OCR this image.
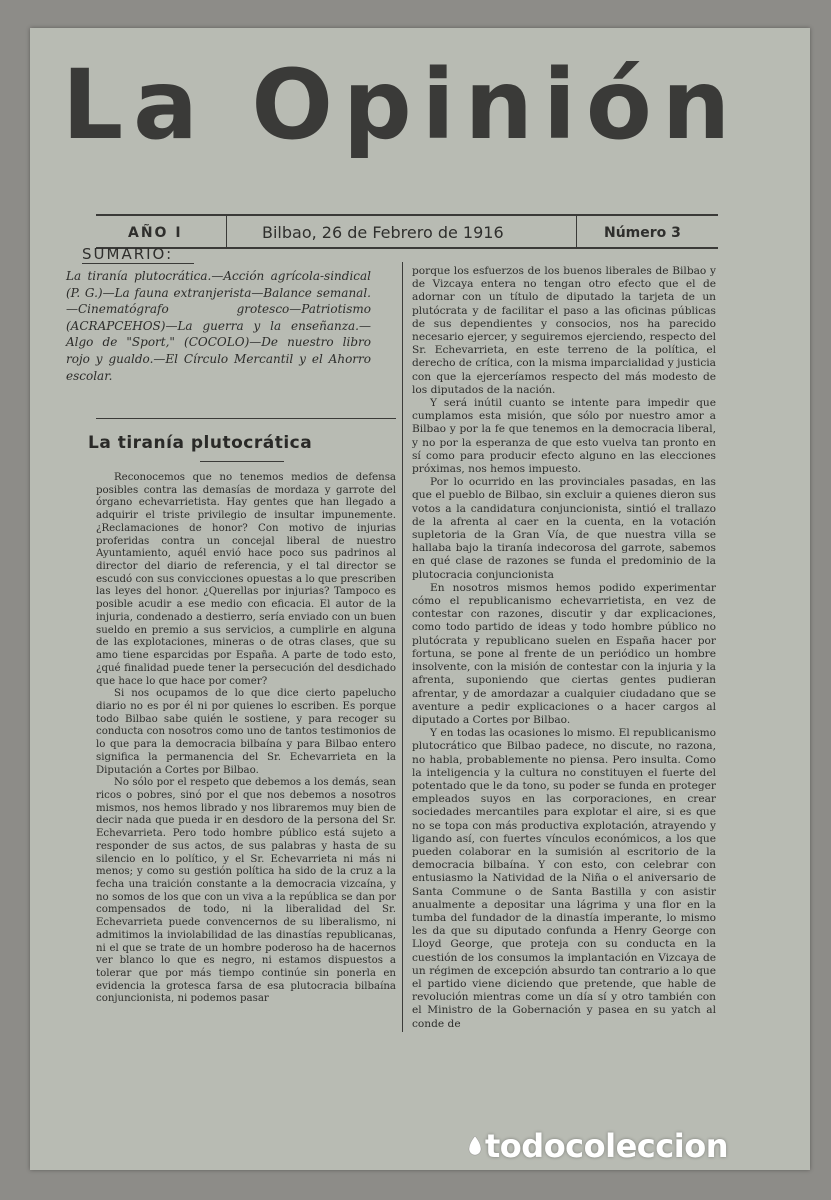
La Opinión
AÑO I	Bilbao, 26 de Febrero de 1916	Número 3
SUMARIO:
La tiranía plutocrática.—Acción agrícola-sindical (P. G.)—La fauna extranjerista—Balance semanal.—Cinematógrafo grotesco—Patriotismo (ACRAPCEHOS)—La guerra y la enseñanza.—Algo de "Sport," (COCOLO)—De nuestro libro rojo y gualdo.—El Círculo Mercantil y el Ahorro escolar.
La tiranía plutocrática

Reconocemos que no tenemos medios de defensa posibles contra las demasías de mordaza y garrote del órgano echevarrietista. Hay gentes que han llegado a adquirir el triste privilegio de insultar impunemente. ¿Reclamaciones de honor? Con motivo de injurias proferidas contra un concejal liberal de nuestro Ayuntamiento, aquél envió hace poco sus padrinos al director del diario de referencia, y el tal director se escudó con sus convicciones opuestas a lo que prescriben las leyes del honor. ¿Querellas por injurias? Tampoco es posible acudir a ese medio con eficacia. El autor de la injuria, condenado a destierro, sería enviado con un buen sueldo en premio a sus servicios, a cumplirle en alguna de las explotaciones, mineras o de otras clases, que su amo tiene esparcidas por España. A parte de todo esto, ¿qué finalidad puede tener la persecución del desdichado que hace lo que hace por comer?

Si nos ocupamos de lo que dice cierto papelucho diario no es por él ni por quienes lo escriben. Es porque todo Bilbao sabe quién le sostiene, y para recoger su conducta con nosotros como uno de tantos testimonios de lo que para la democracia bilbaína y para Bilbao entero significa la permanencia del Sr. Echevarrieta en la Diputación a Cortes por Bilbao.

No sólo por el respeto que debemos a los demás, sean ricos o pobres, sinó por el que nos debemos a nosotros mismos, nos hemos librado y nos libraremos muy bien de decir nada que pueda ir en desdoro de la persona del Sr. Echevarrieta. Pero todo hombre público está sujeto a responder de sus actos, de sus palabras y hasta de su silencio en lo político, y el Sr. Echevarrieta ni más ni menos; y como su gestión política ha sido de la cruz a la fecha una traición constante a la democracia vizcaína, y no somos de los que con un viva a la república se dan por compensados de todo, ni la liberalidad del Sr. Echevarrieta puede convencernos de su liberalismo, ni admitimos la inviolabilidad de las dinastías republicanas, ni el que se trate de un hombre poderoso ha de hacernos ver blanco lo que es negro, ni estamos dispuestos a tolerar que por más tiempo continúe sin ponerla en evidencia la grotesca farsa de esa plutocracia bilbaína conjuncionista, ni podemos pasar

porque los esfuerzos de los buenos liberales de Bilbao y de Vizcaya entera no tengan otro efecto que el de adornar con un título de diputado la tarjeta de un plutócrata y de facilitar el paso a las oficinas públicas de sus dependientes y consocios, nos ha parecido necesario ejercer, y seguiremos ejerciendo, respecto del Sr. Echevarrieta, en este terreno de la política, el derecho de crítica, con la misma imparcialidad y justicia con que la ejerceríamos respecto del más modesto de los diputados de la nación.

Y será inútil cuanto se intente para impedir que cumplamos esta misión, que sólo por nuestro amor a Bilbao y por la fe que tenemos en la democracia liberal, y no por la esperanza de que esto vuelva tan pronto en sí como para producir efecto alguno en las elecciones próximas, nos hemos impuesto.

Por lo ocurrido en las provinciales pasadas, en las que el pueblo de Bilbao, sin excluir a quienes dieron sus votos a la candidatura conjuncionista, sintió el trallazo de la afrenta al caer en la cuenta, en la votación supletoria de la Gran Vía, de que nuestra villa se hallaba bajo la tiranía indecorosa del garrote, sabemos en qué clase de razones se funda el predominio de la plutocracia conjuncionista

En nosotros mismos hemos podido experimentar cómo el republicanismo echevarrietista, en vez de contestar con razones, discutir y dar explicaciones, como todo partido de ideas y todo hombre público no plutócrata y republicano suelen en España hacer por fortuna, se pone al frente de un periódico un hombre insolvente, con la misión de contestar con la injuria y la afrenta, suponiendo que ciertas gentes pudieran afrentar, y de amordazar a cualquier ciudadano que se aventure a pedir explicaciones o a hacer cargos al diputado a Cortes por Bilbao.

Y en todas las ocasiones lo mismo. El republicanismo plutocrático que Bilbao padece, no discute, no razona, no habla, probablemente no piensa. Pero insulta. Como la inteligencia y la cultura no constituyen el fuerte del potentado que le da tono, su poder se funda en proteger empleados suyos en las corporaciones, en crear sociedades mercantiles para explotar el aire, si es que no se topa con más productiva explotación, atrayendo y ligando así, con fuertes vínculos económicos, a los que pueden colaborar en la sumisión al escritorio de la democracia bilbaína. Y con esto, con celebrar con entusiasmo la Natividad de la Niña o el aniversario de Santa Commune o de Santa Bastilla y con asistir anualmente a depositar una lágrima y una flor en la tumba del fundador de la dinastía imperante, lo mismo les da que su diputado confunda a Henry George con Lloyd George, que proteja con su conducta en la cuestión de los consumos la implantación en Vizcaya de un régimen de excepción absurdo tan contrario a lo que el partido viene diciendo que pretende, que hable de revolución mientras come un día sí y otro también con el Ministro de la Gobernación y pasea en su yatch al conde de

todocoleccion
